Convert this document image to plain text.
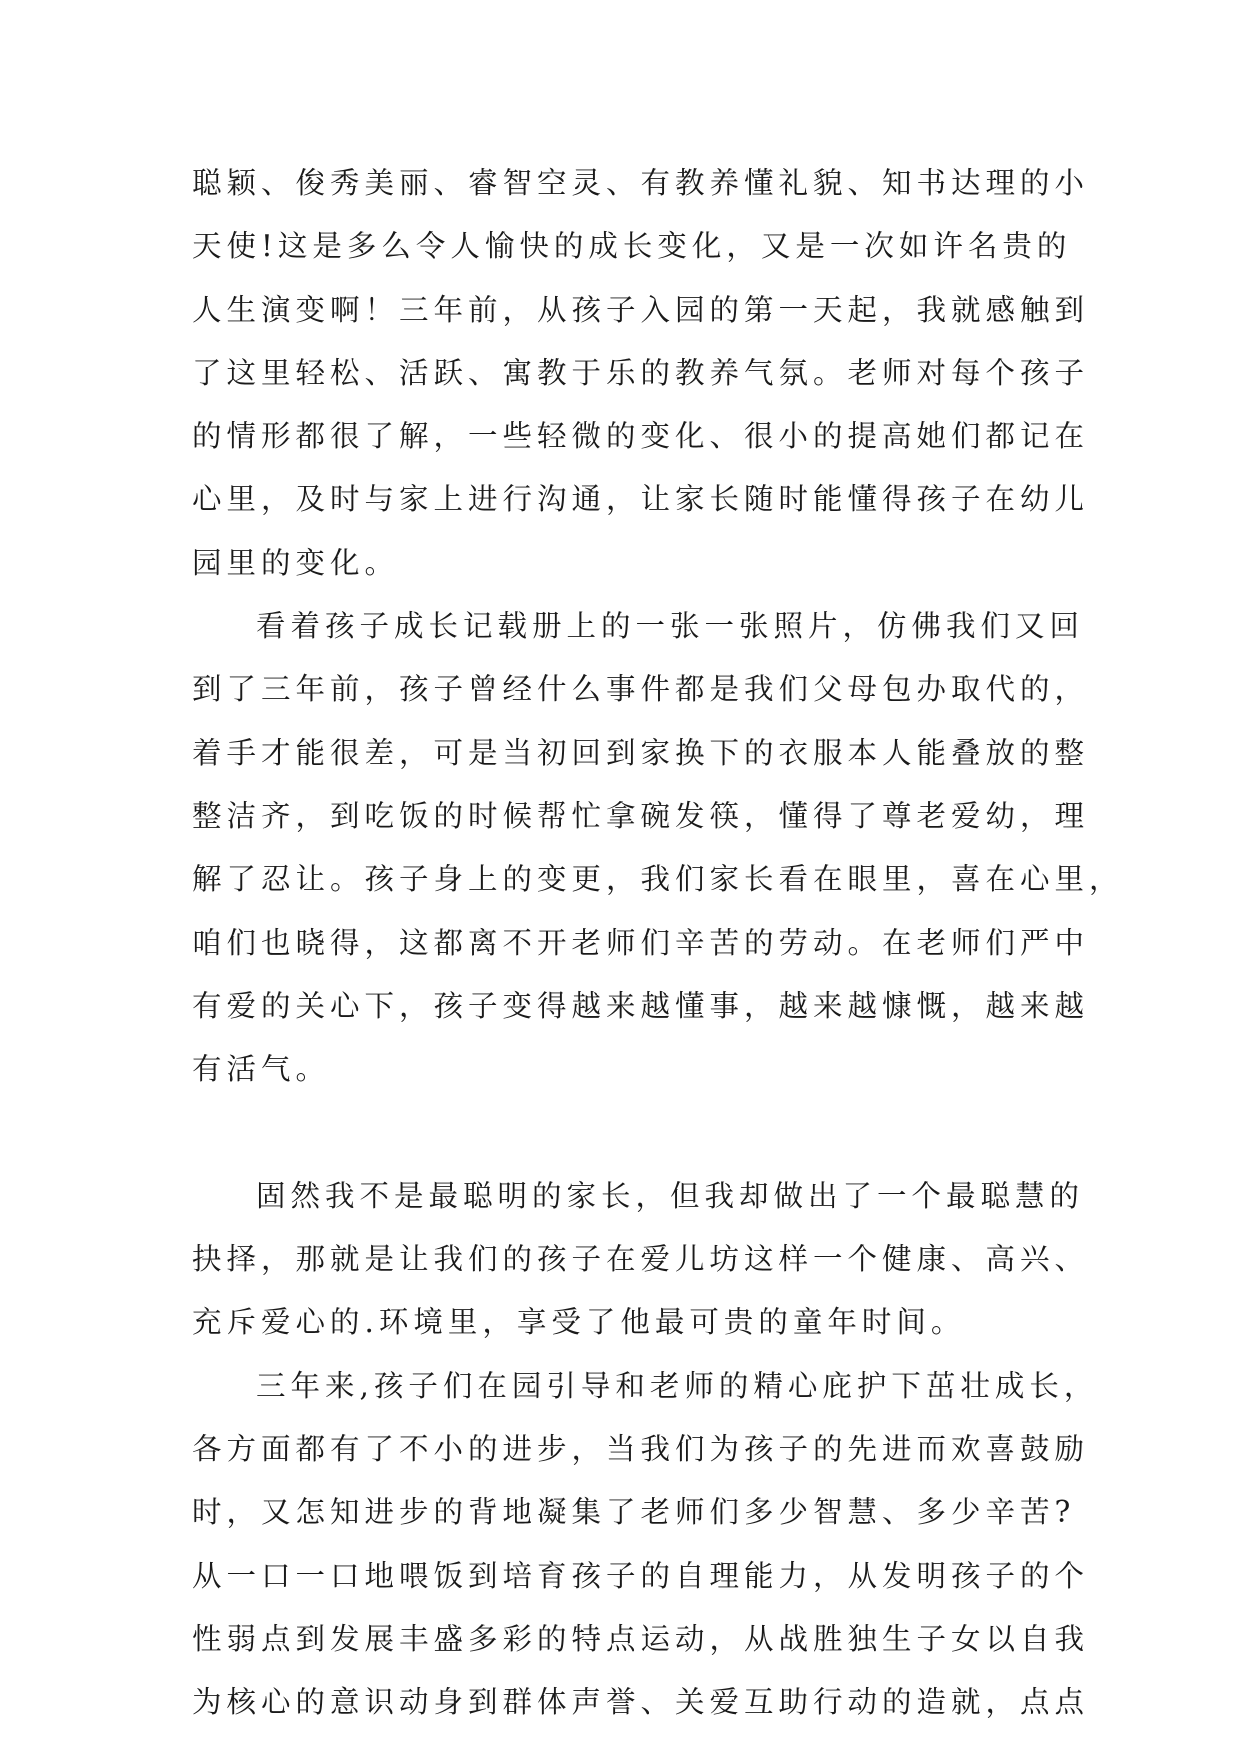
聪颖、俊秀美丽、睿智空灵、有教养懂礼貌、知书达理的小
天使!这是多么令人愉快的成长变化，又是一次如许名贵的
人生演变啊！三年前，从孩子入园的第一天起，我就感触到
了这里轻松、活跃、寓教于乐的教养气氛。老师对每个孩子
的情形都很了解，一些轻微的变化、很小的提高她们都记在
心里，及时与家上进行沟通，让家长随时能懂得孩子在幼儿
园里的变化。
看着孩子成长记载册上的一张一张照片，仿佛我们又回
到了三年前，孩子曾经什么事件都是我们父母包办取代的，
着手才能很差，可是当初回到家换下的衣服本人能叠放的整
整洁齐，到吃饭的时候帮忙拿碗发筷，懂得了尊老爱幼，理
解了忍让。孩子身上的变更，我们家长看在眼里，喜在心里，
咱们也晓得，这都离不开老师们辛苦的劳动。在老师们严中
有爱的关心下，孩子变得越来越懂事，越来越慷慨，越来越
有活气。
固然我不是最聪明的家长，但我却做出了一个最聪慧的
抉择，那就是让我们的孩子在爱儿坊这样一个健康、高兴、
充斥爱心的.环境里，享受了他最可贵的童年时间。
三年来,孩子们在园引导和老师的精心庇护下茁壮成长，
各方面都有了不小的进步，当我们为孩子的先进而欢喜鼓励
时，又怎知进步的背地凝集了老师们多少智慧、多少辛苦?
从一口一口地喂饭到培育孩子的自理能力，从发明孩子的个
性弱点到发展丰盛多彩的特点运动，从战胜独生子女以自我
为核心的意识动身到群体声誉、关爱互助行动的造就，点点
